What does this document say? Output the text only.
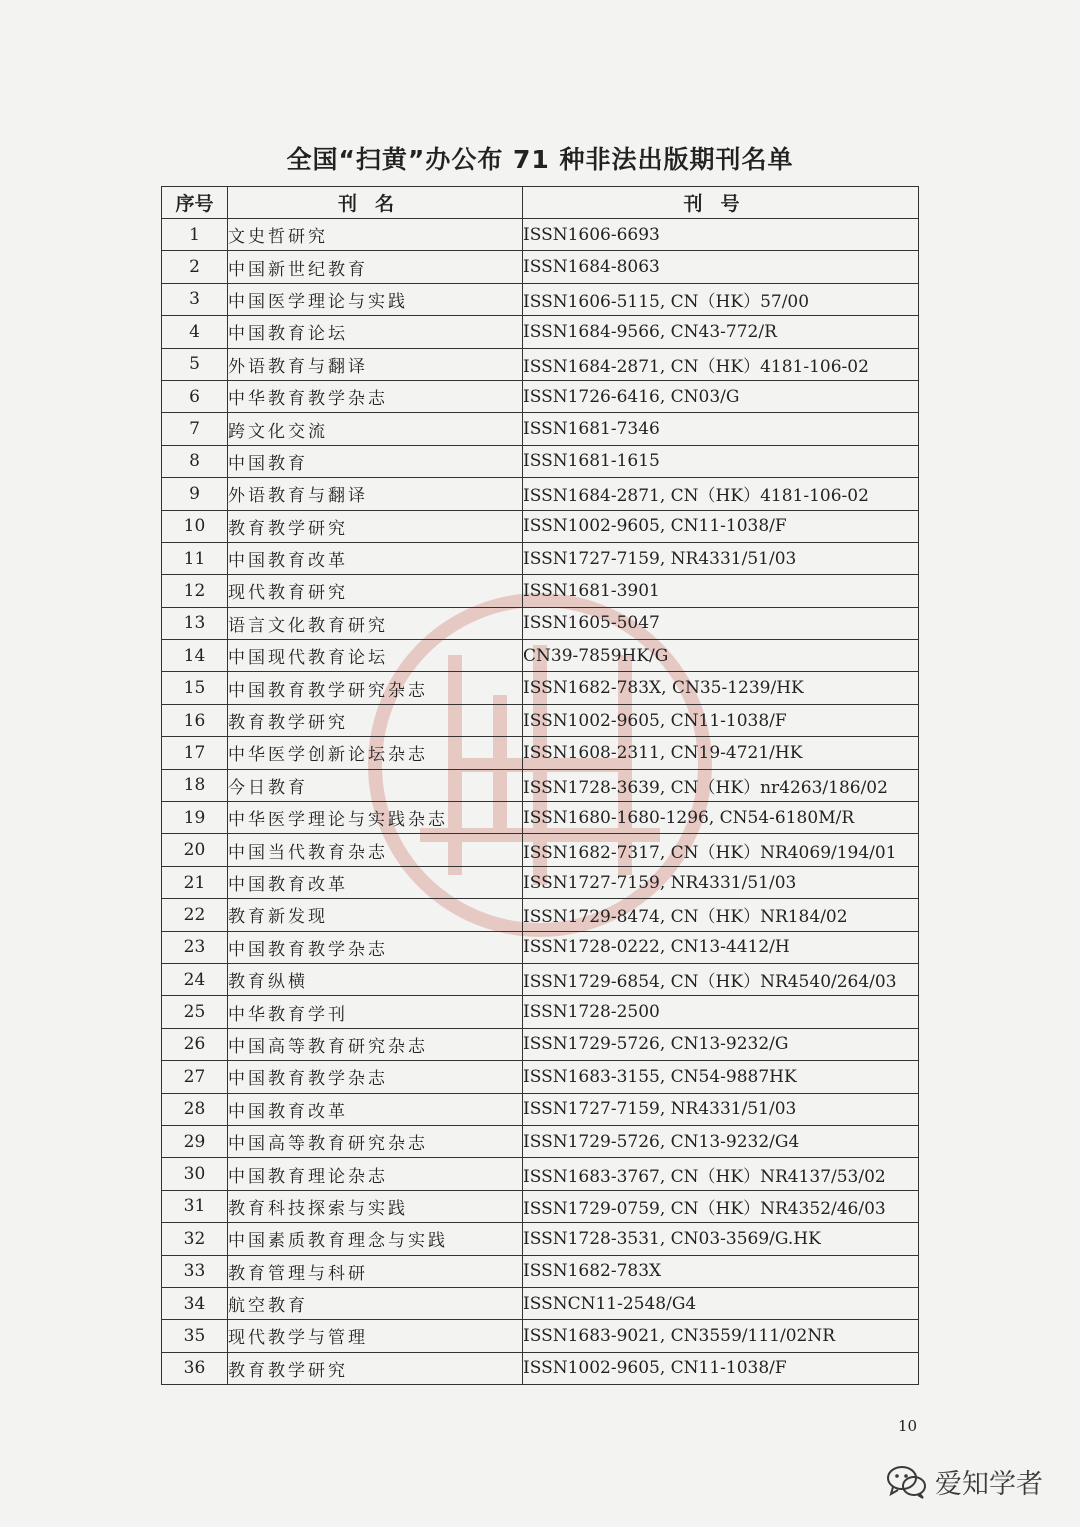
全国“扫黄”办公布 71 种非法出版期刊名单
序号	刊名	刊号
1	文史哲研究	ISSN1606-6693
2	中国新世纪教育	ISSN1684-8063
3	中国医学理论与实践	ISSN1606-5115, CN（HK）57/00
4	中国教育论坛	ISSN1684-9566, CN43-772/R
5	外语教育与翻译	ISSN1684-2871, CN（HK）4181-106-02
6	中华教育教学杂志	ISSN1726-6416, CN03/G
7	跨文化交流	ISSN1681-7346
8	中国教育	ISSN1681-1615
9	外语教育与翻译	ISSN1684-2871, CN（HK）4181-106-02
10	教育教学研究	ISSN1002-9605, CN11-1038/F
11	中国教育改革	ISSN1727-7159, NR4331/51/03
12	现代教育研究	ISSN1681-3901
13	语言文化教育研究	ISSN1605-5047
14	中国现代教育论坛	CN39-7859HK/G
15	中国教育教学研究杂志	ISSN1682-783X, CN35-1239/HK
16	教育教学研究	ISSN1002-9605, CN11-1038/F
17	中华医学创新论坛杂志	ISSN1608-2311, CN19-4721/HK
18	今日教育	ISSN1728-3639, CN（HK）nr4263/186/02
19	中华医学理论与实践杂志	ISSN1680-1680-1296, CN54-6180M/R
20	中国当代教育杂志	ISSN1682-7317, CN（HK）NR4069/194/01
21	中国教育改革	ISSN1727-7159, NR4331/51/03
22	教育新发现	ISSN1729-8474, CN（HK）NR184/02
23	中国教育教学杂志	ISSN1728-0222, CN13-4412/H
24	教育纵横	ISSN1729-6854, CN（HK）NR4540/264/03
25	中华教育学刊	ISSN1728-2500
26	中国高等教育研究杂志	ISSN1729-5726, CN13-9232/G
27	中国教育教学杂志	ISSN1683-3155, CN54-9887HK
28	中国教育改革	ISSN1727-7159, NR4331/51/03
29	中国高等教育研究杂志	ISSN1729-5726, CN13-9232/G4
30	中国教育理论杂志	ISSN1683-3767, CN（HK）NR4137/53/02
31	教育科技探索与实践	ISSN1729-0759, CN（HK）NR4352/46/03
32	中国素质教育理念与实践	ISSN1728-3531, CN03-3569/G.HK
33	教育管理与科研	ISSN1682-783X
34	航空教育	ISSNCN11-2548/G4
35	现代教学与管理	ISSN1683-9021, CN3559/111/02NR
36	教育教学研究	ISSN1002-9605, CN11-1038/F
10
爱知学者
